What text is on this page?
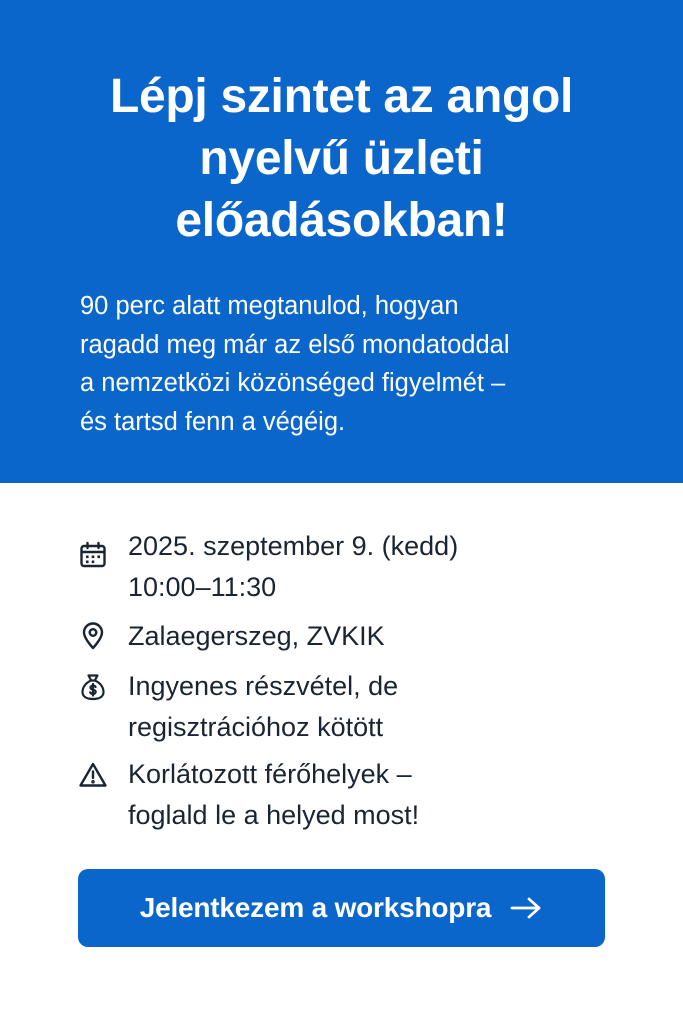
Lépj szintet az angol
nyelvű üzleti
előadásokban!

90 perc alatt megtanulod, hogyan
ragadd meg már az első mondatoddal
a nemzetközi közönséged figyelmét –
és tartsd fenn a végéig.

2025. szeptember 9. (kedd)
10:00–11:30
Zalaegerszeg, ZVKIK
Ingyenes részvétel, de
regisztrációhoz kötött
Korlátozott férőhelyek –
foglald le a helyed most!
Jelentkezem a workshopra
